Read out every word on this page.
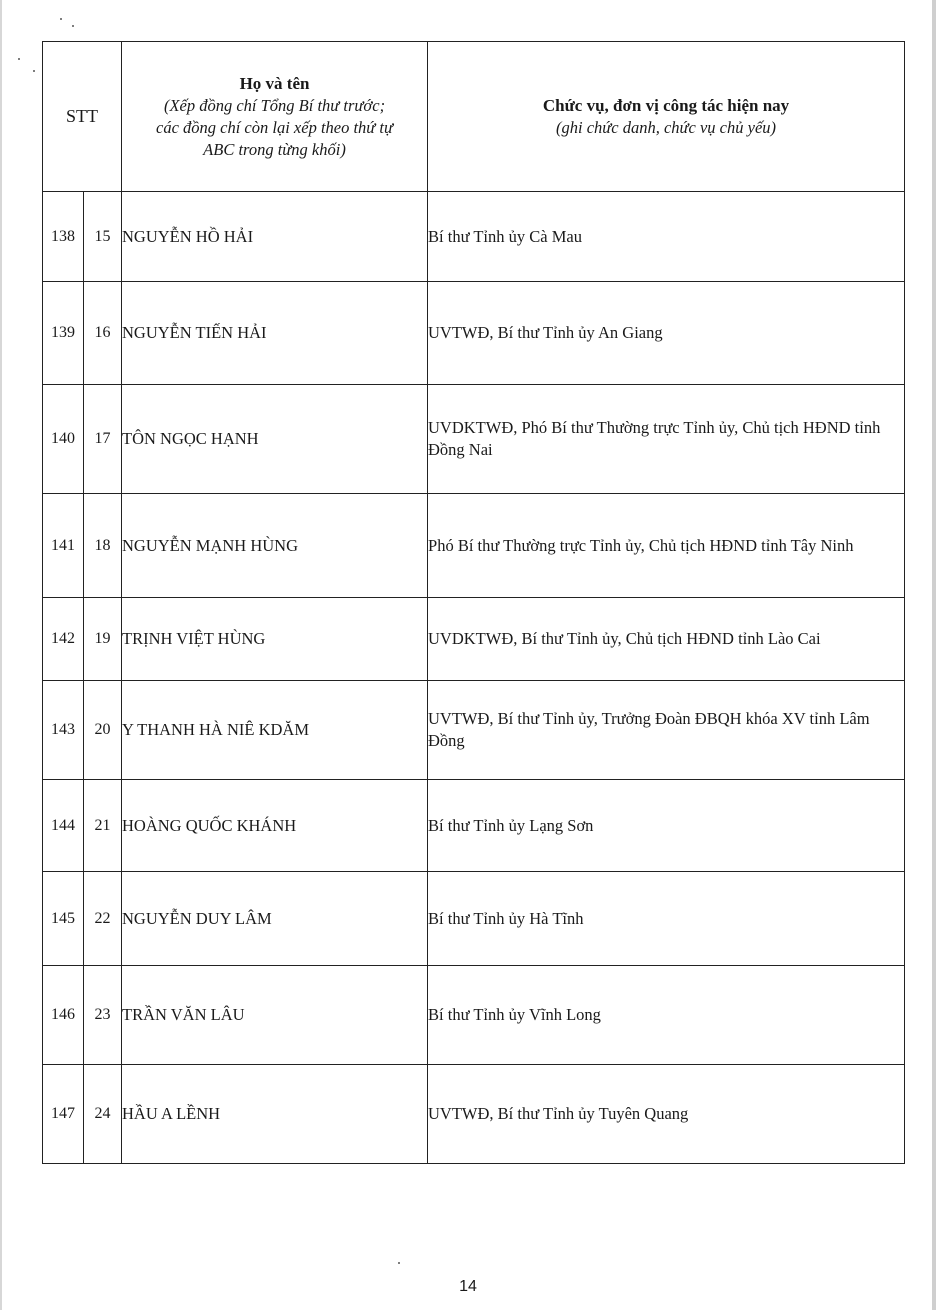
STT		Họ và tên
(Xếp đồng chí Tổng Bí thư trước;
các đồng chí còn lại xếp theo thứ tự
ABC trong từng khối)	Chức vụ, đơn vị công tác hiện nay
(ghi chức danh, chức vụ chủ yếu)

138	15	NGUYỄN HỒ HẢI	Bí thư Tỉnh ủy Cà Mau
139	16	NGUYỄN TIẾN HẢI	UVTWĐ, Bí thư Tỉnh ủy An Giang
140	17	TÔN NGỌC HẠNH	UVDKTWĐ, Phó Bí thư Thường trực Tỉnh ủy, Chủ tịch HĐND tỉnh Đồng Nai
141	18	NGUYỄN MẠNH HÙNG	Phó Bí thư Thường trực Tỉnh ủy, Chủ tịch HĐND tỉnh Tây Ninh
142	19	TRỊNH VIỆT HÙNG	UVDKTWĐ, Bí thư Tỉnh ủy, Chủ tịch HĐND tỉnh Lào Cai
143	20	Y THANH HÀ NIÊ KDĂM	UVTWĐ, Bí thư Tỉnh ủy, Trưởng Đoàn ĐBQH khóa XV tỉnh Lâm Đồng
144	21	HOÀNG QUỐC KHÁNH	Bí thư Tỉnh ủy Lạng Sơn
145	22	NGUYỄN DUY LÂM	Bí thư Tỉnh ủy Hà Tĩnh
146	23	TRẦN VĂN LÂU	Bí thư Tỉnh ủy Vĩnh Long
147	24	HẦU A LỀNH	UVTWĐ, Bí thư Tỉnh ủy Tuyên Quang
14
